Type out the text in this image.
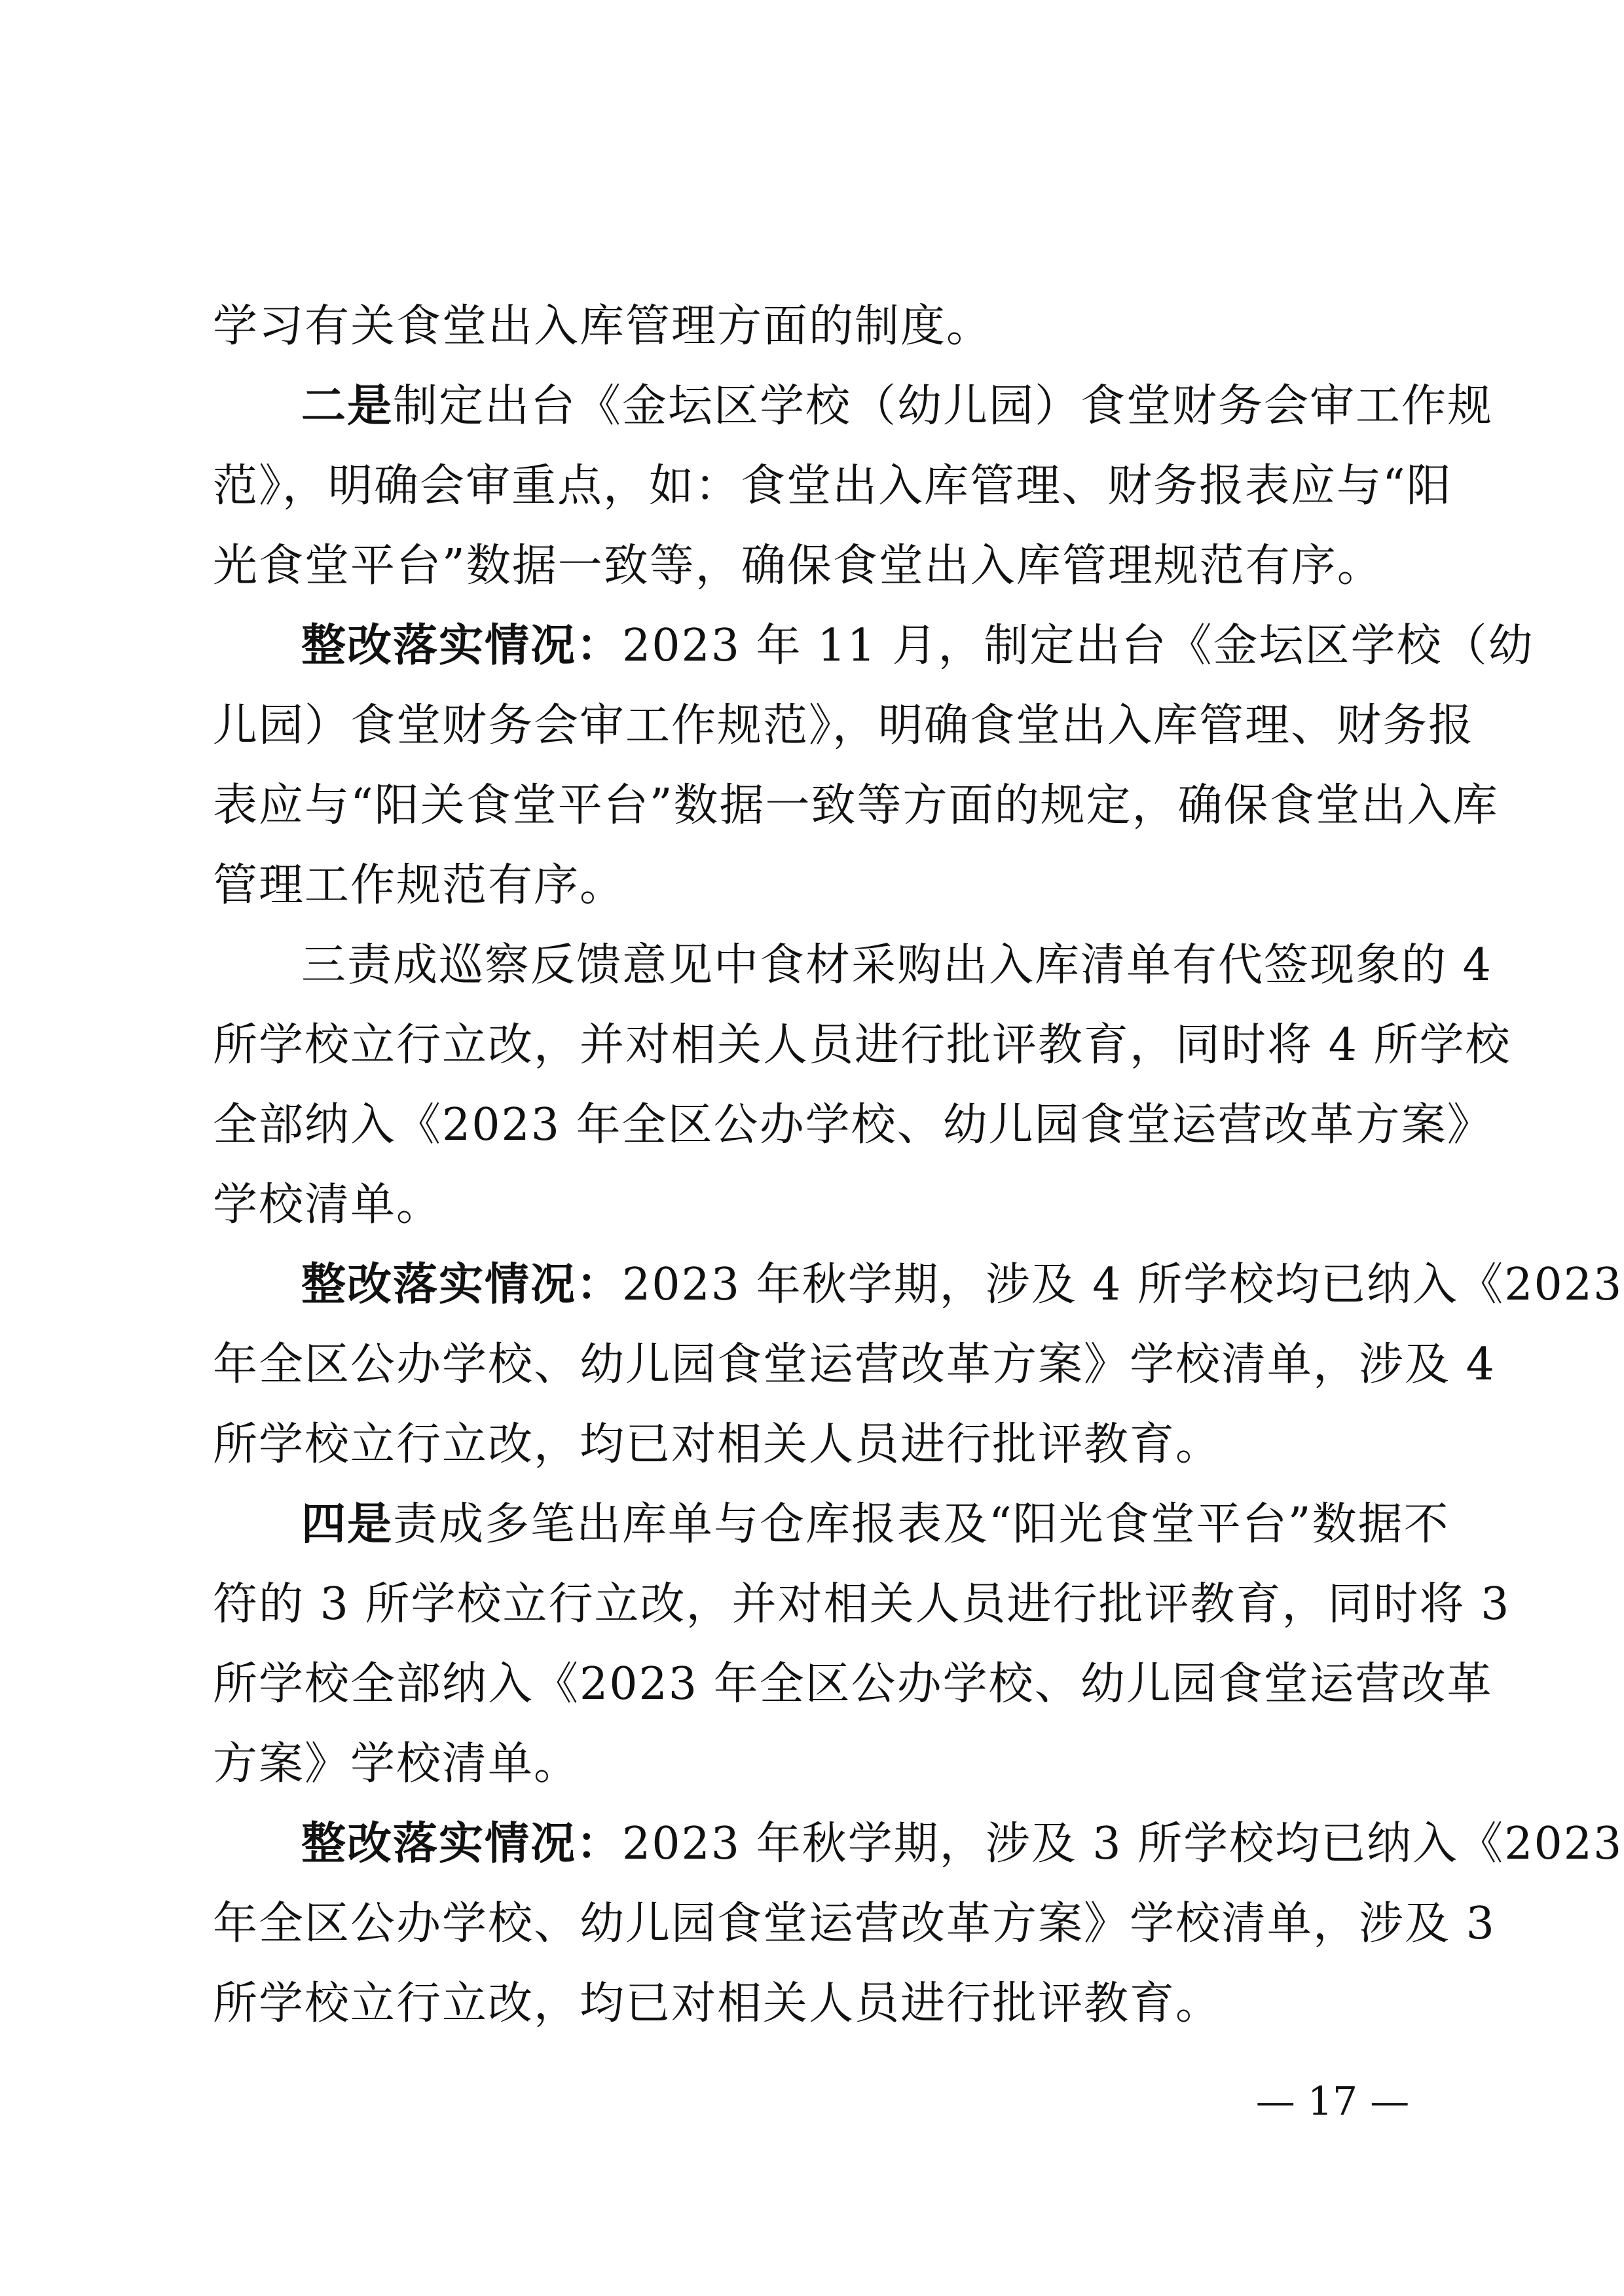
学习有关食堂出入库管理方面的制度。
二是制定出台《金坛区学校（幼儿园）食堂财务会审工作规
范》，明确会审重点，如：食堂出入库管理、财务报表应与“阳
光食堂平台”数据一致等，确保食堂出入库管理规范有序。
整改落实情况：2023 年 11 月，制定出台《金坛区学校（幼
儿园）食堂财务会审工作规范》，明确食堂出入库管理、财务报
表应与“阳关食堂平台”数据一致等方面的规定，确保食堂出入库
管理工作规范有序。
三责成巡察反馈意见中食材采购出入库清单有代签现象的 4
所学校立行立改，并对相关人员进行批评教育，同时将 4 所学校
全部纳入《2023 年全区公办学校、幼儿园食堂运营改革方案》
学校清单。
整改落实情况：2023 年秋学期，涉及 4 所学校均已纳入《2023
年全区公办学校、幼儿园食堂运营改革方案》学校清单，涉及 4
所学校立行立改，均已对相关人员进行批评教育。
四是责成多笔出库单与仓库报表及“阳光食堂平台”数据不
符的 3 所学校立行立改，并对相关人员进行批评教育，同时将 3
所学校全部纳入《2023 年全区公办学校、幼儿园食堂运营改革
方案》学校清单。
整改落实情况：2023 年秋学期，涉及 3 所学校均已纳入《2023
年全区公办学校、幼儿园食堂运营改革方案》学校清单，涉及 3
所学校立行立改，均已对相关人员进行批评教育。
— 17 —
